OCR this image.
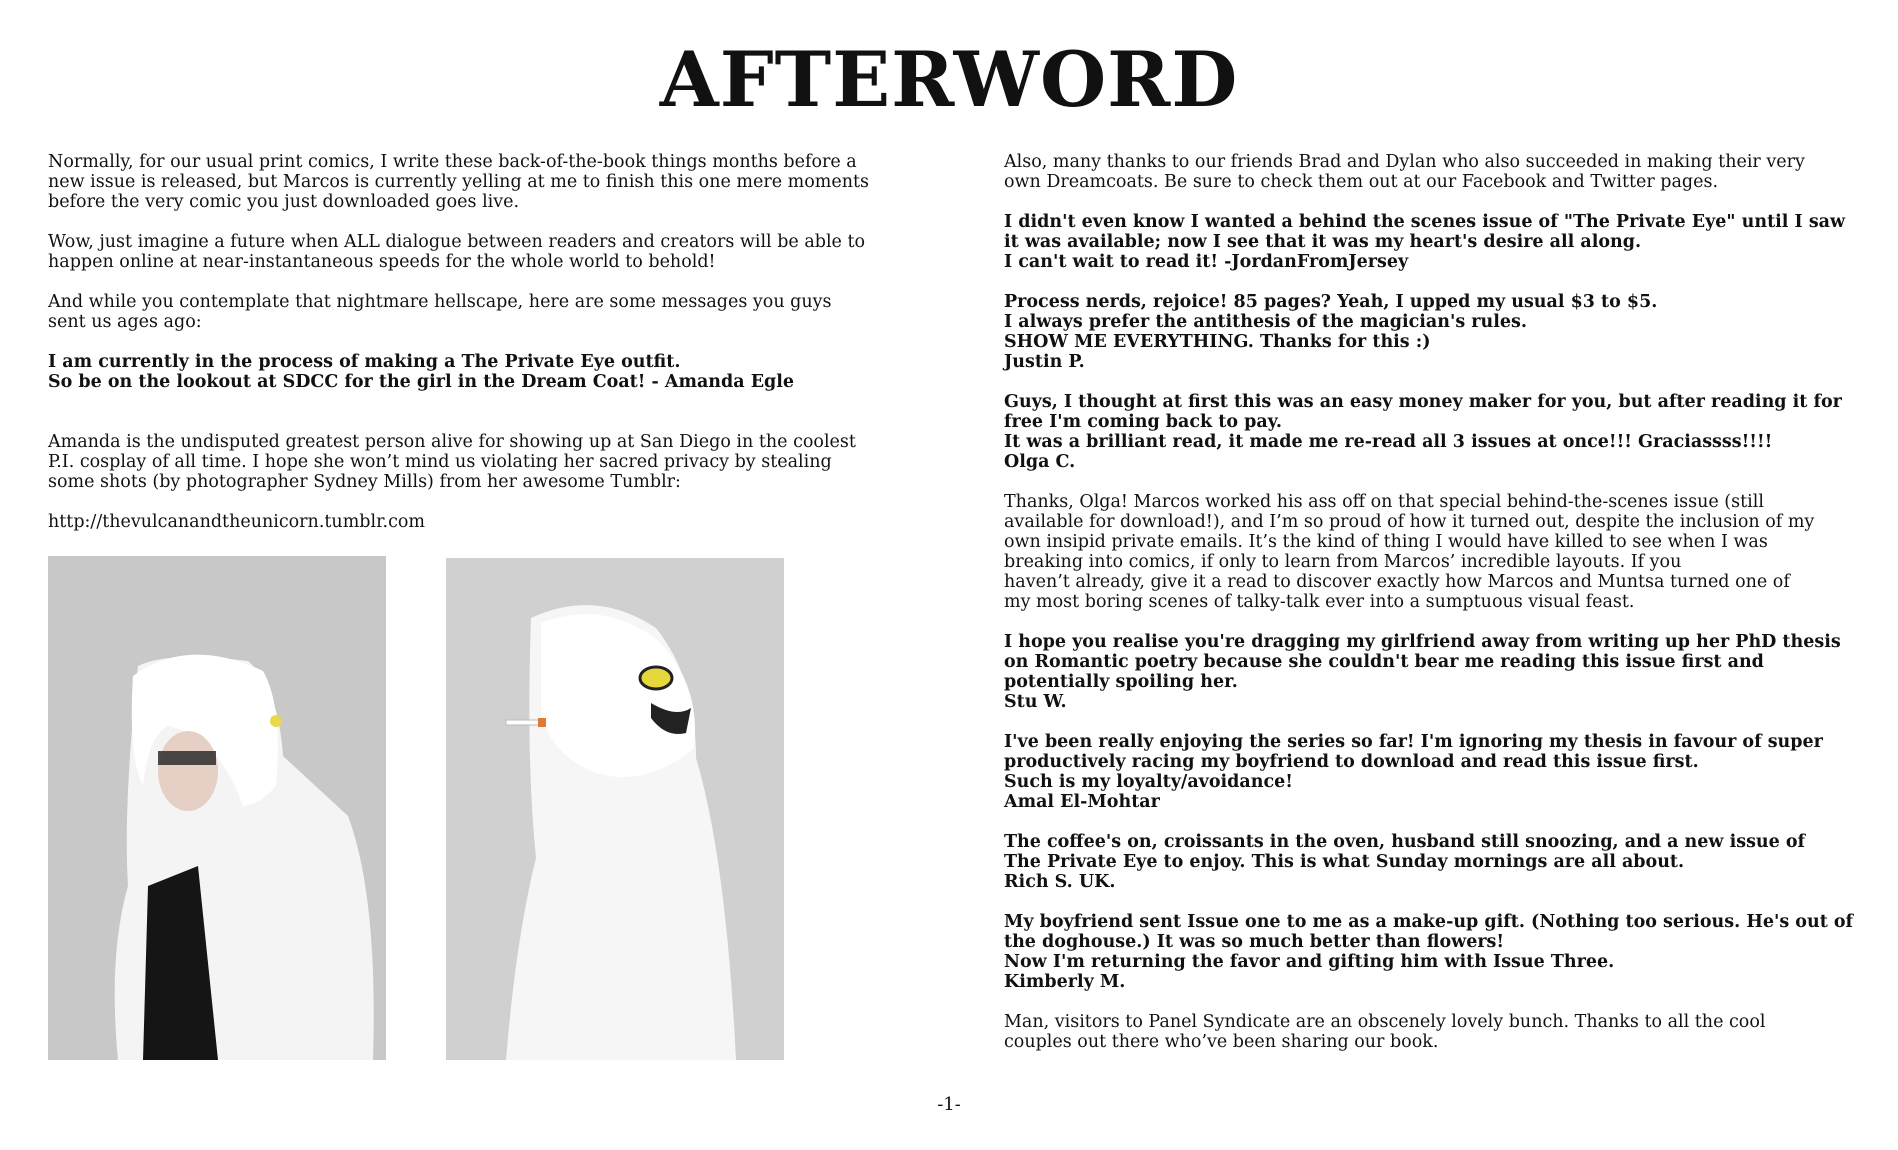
AFTERWORD

Normally, for our usual print comics, I write these back-of-the-book things months before a
new issue is released, but Marcos is currently yelling at me to finish this one mere moments
before the very comic you just downloaded goes live.

Wow, just imagine a future when ALL dialogue between readers and creators will be able to
happen online at near-instantaneous speeds for the whole world to behold!

And while you contemplate that nightmare hellscape, here are some messages you guys
sent us ages ago:

I am currently in the process of making a The Private Eye outfit.
So be on the lookout at SDCC for the girl in the Dream Coat! - Amanda Egle

Amanda is the undisputed greatest person alive for showing up at San Diego in the coolest
P.I. cosplay of all time. I hope she won’t mind us violating her sacred privacy by stealing
some shots (by photographer Sydney Mills) from her awesome Tumblr:

http://thevulcanandtheunicorn.tumblr.com

Also, many thanks to our friends Brad and Dylan who also succeeded in making their very
own Dreamcoats. Be sure to check them out at our Facebook and Twitter pages.

I didn't even know I wanted a behind the scenes issue of "The Private Eye" until I saw
it was available; now I see that it was my heart's desire all along.
I can't wait to read it! -JordanFromJersey

Process nerds, rejoice! 85 pages? Yeah, I upped my usual $3 to $5.
I always prefer the antithesis of the magician's rules.
SHOW ME EVERYTHING. Thanks for this :)
Justin P.

Guys, I thought at first this was an easy money maker for you, but after reading it for
free I'm coming back to pay.
It was a brilliant read, it made me re-read all 3 issues at once!!! Graciassss!!!!
Olga C.

Thanks, Olga! Marcos worked his ass off on that special behind-the-scenes issue (still
available for download!), and I’m so proud of how it turned out, despite the inclusion of my
own insipid private emails. It’s the kind of thing I would have killed to see when I was
breaking into comics, if only to learn from Marcos’ incredible layouts. If you
haven’t already, give it a read to discover exactly how Marcos and Muntsa turned one of
my most boring scenes of talky-talk ever into a sumptuous visual feast.

I hope you realise you're dragging my girlfriend away from writing up her PhD thesis
on Romantic poetry because she couldn't bear me reading this issue first and
potentially spoiling her.
Stu W.

I've been really enjoying the series so far! I'm ignoring my thesis in favour of super
productively racing my boyfriend to download and read this issue first.
Such is my loyalty/avoidance!
Amal El-Mohtar

The coffee's on, croissants in the oven, husband still snoozing, and a new issue of
The Private Eye to enjoy. This is what Sunday mornings are all about.
Rich S. UK.

My boyfriend sent Issue one to me as a make-up gift. (Nothing too serious. He's out of
the doghouse.) It was so much better than flowers!
Now I'm returning the favor and gifting him with Issue Three.
Kimberly M.

Man, visitors to Panel Syndicate are an obscenely lovely bunch. Thanks to all the cool
couples out there who’ve been sharing our book.

-1-
